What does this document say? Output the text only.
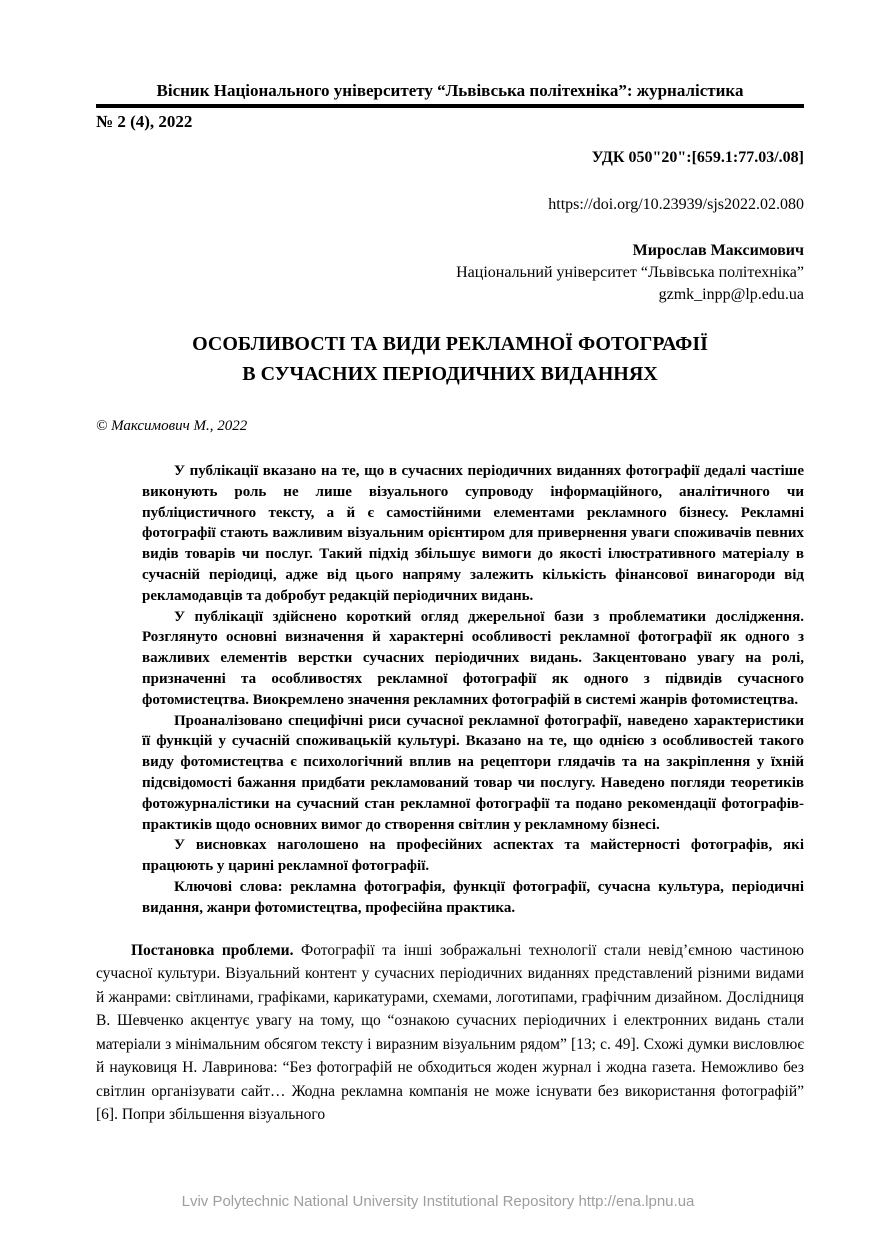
Вісник Національного університету “Львівська політехніка”: журналістика
№ 2 (4), 2022
УДК 050"20":[659.1:77.03/.08]
https://doi.org/10.23939/sjs2022.02.080
Мирослав Максимович
Національний університет “Львівська політехніка”
gzmk_inpp@lp.edu.ua
ОСОБЛИВОСТІ ТА ВИДИ РЕКЛАМНОЇ ФОТОГРАФІЇ
В СУЧАСНИХ ПЕРІОДИЧНИХ ВИДАННЯХ
© Максимович М., 2022

У публікації вказано на те, що в сучасних періодичних виданнях фотографії дедалі частіше виконують роль не лише візуального супроводу інформаційного, аналітичного чи публіцистичного тексту, а й є самостійними елементами рекламного бізнесу. Рекламні фотографії стають важливим візуальним орієнтиром для привернення уваги споживачів певних видів товарів чи послуг. Такий підхід збільшує вимоги до якості ілюстративного матеріалу в сучасній періодиці, адже від цього напряму залежить кількість фінансової винагороди від рекламодавців та добробут редакцій періодичних видань.

У публікації здійснено короткий огляд джерельної бази з проблематики дослідження. Розглянуто основні визначення й характерні особливості рекламної фотографії як одного з важливих елементів верстки сучасних періодичних видань. Закцентовано увагу на ролі, призначенні та особливостях рекламної фотографії як одного з підвидів сучасного фотомистецтва. Виокремлено значення рекламних фотографій в системі жанрів фотомистецтва.

Проаналізовано специфічні риси сучасної рекламної фотографії, наведено характеристики її функцій у сучасній споживацькій культурі. Вказано на те, що однією з особливостей такого виду фотомистецтва є психологічний вплив на рецептори глядачів та на закріплення у їхній підсвідомості бажання придбати рекламований товар чи послугу. Наведено погляди теоретиків фотожурналістики на сучасний стан рекламної фотографії та подано рекомендації фотографів-практиків щодо основних вимог до створення світлин у рекламному бізнесі.

У висновках наголошено на професійних аспектах та майстерності фотографів, які працюють у царині рекламної фотографії.

Ключові слова: рекламна фотографія, функції фотографії, сучасна культура, періодичні видання, жанри фотомистецтва, професійна практика.

Постановка проблеми. Фотографії та інші зображальні технології стали невід’ємною частиною сучасної культури. Візуальний контент у сучасних періодичних виданнях представлений різними видами й жанрами: світлинами, графіками, карикатурами, схемами, логотипами, графічним дизайном. Дослідниця В. Шевченко акцентує увагу на тому, що “ознакою сучасних періодичних і електронних видань стали матеріали з мінімальним обсягом тексту і виразним візуальним рядом” [13; с. 49]. Схожі думки висловлює й науковиця Н. Лавринова: “Без фотографій не обходиться жоден журнал і жодна газета. Неможливо без світлин організувати сайт… Жодна рекламна компанія не може існувати без використання фотографій” [6]. Попри збільшення візуального

Lviv Polytechnic National University Institutional Repository http://ena.lpnu.ua
